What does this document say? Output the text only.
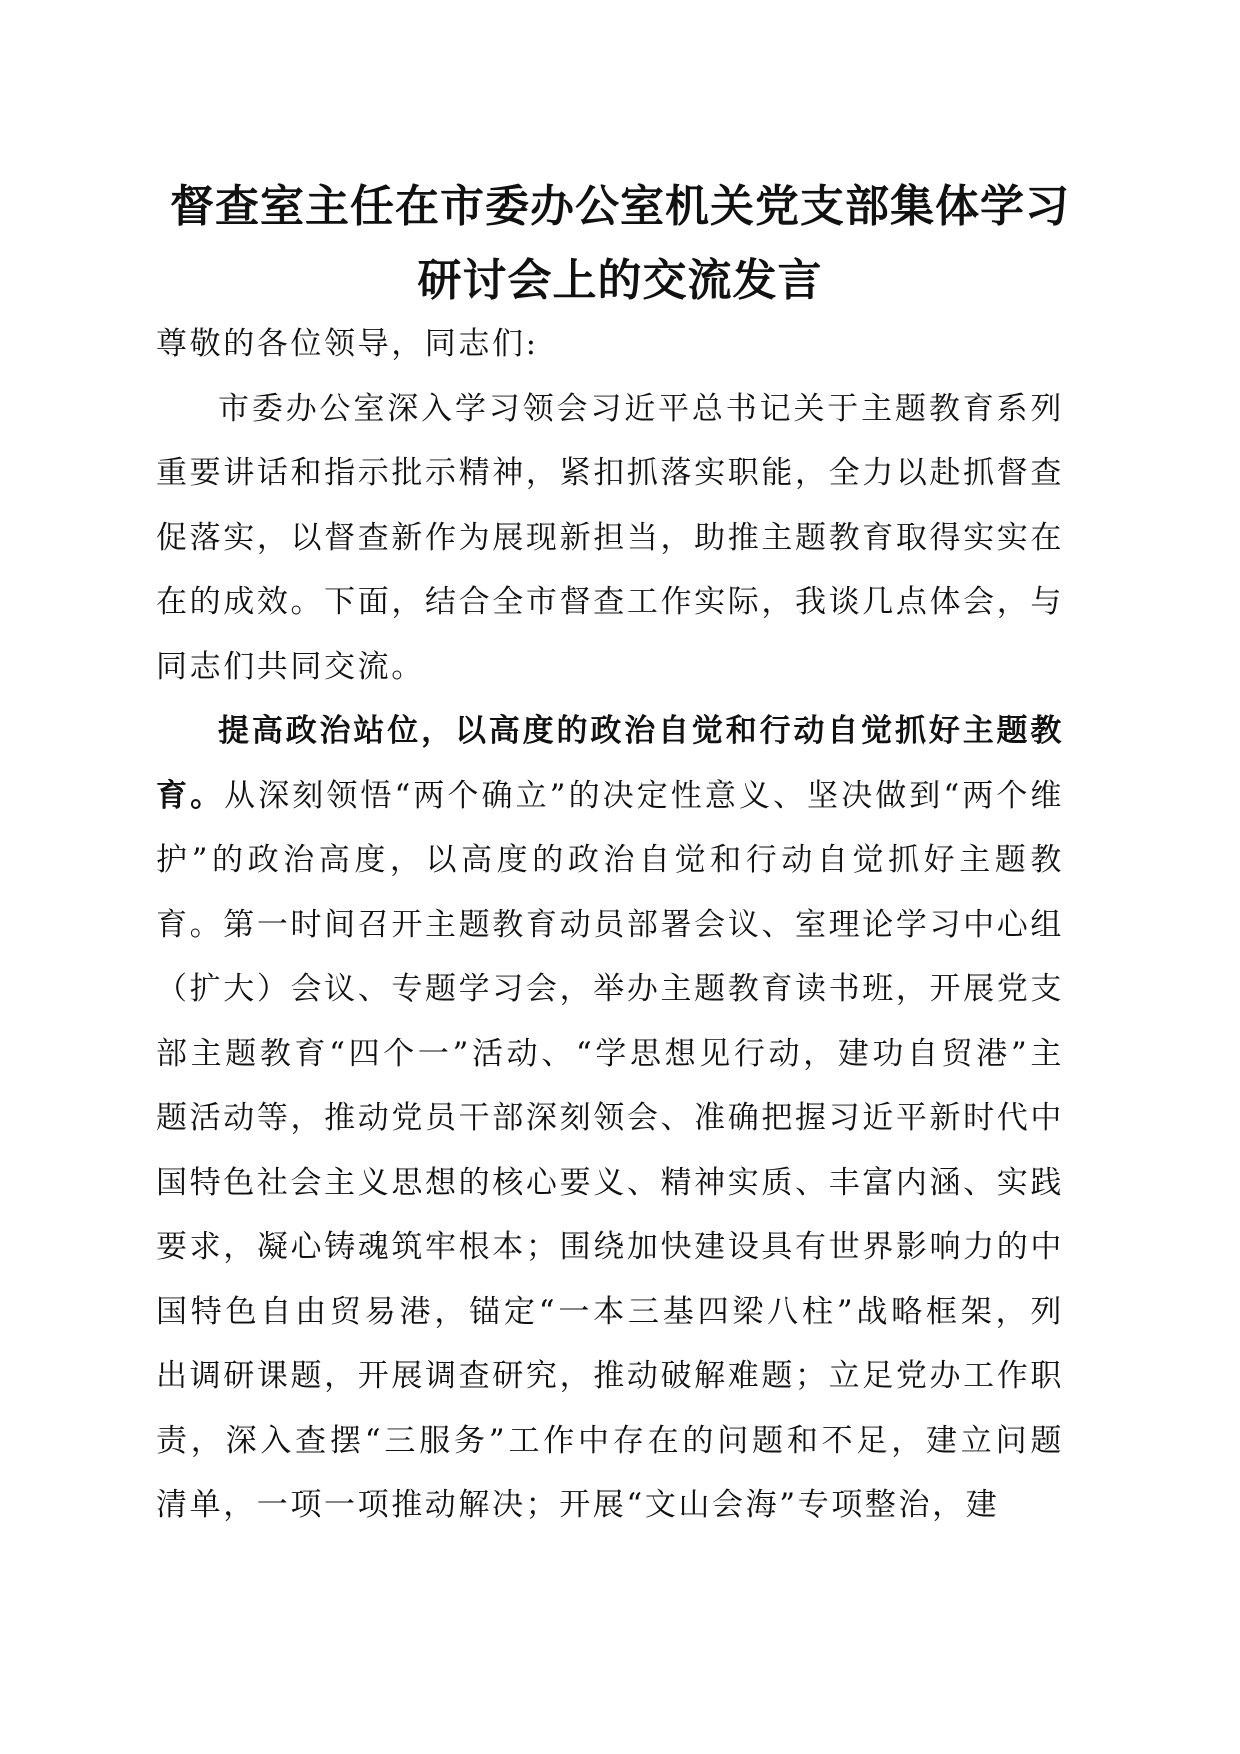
督查室主任在市委办公室机关党支部集体学习
研讨会上的交流发言

尊敬的各位领导，同志们:

市委办公室深入学习领会习近平总书记关于主题教育系列重要讲话和指示批示精神，紧扣抓落实职能，全力以赴抓督查促落实，以督查新作为展现新担当，助推主题教育取得实实在在的成效。下面，结合全市督查工作实际，我谈几点体会，与同志们共同交流。

提高政治站位，以高度的政治自觉和行动自觉抓好主题教育。从深刻领悟“两个确立”的决定性意义、坚决做到“两个维护”的政治高度，以高度的政治自觉和行动自觉抓好主题教育。第一时间召开主题教育动员部署会议、室理论学习中心组（扩大）会议、专题学习会，举办主题教育读书班，开展党支部主题教育“四个一”活动、“学思想见行动，建功自贸港”主题活动等，推动党员干部深刻领会、准确把握习近平新时代中国特色社会主义思想的核心要义、精神实质、丰富内涵、实践要求，凝心铸魂筑牢根本；围绕加快建设具有世界影响力的中国特色自由贸易港，锚定“一本三基四梁八柱”战略框架，列出调研课题，开展调查研究，推动破解难题；立足党办工作职责，深入查摆“三服务”工作中存在的问题和不足，建立问题清单，一项一项推动解决；开展“文山会海”专项整治，建
